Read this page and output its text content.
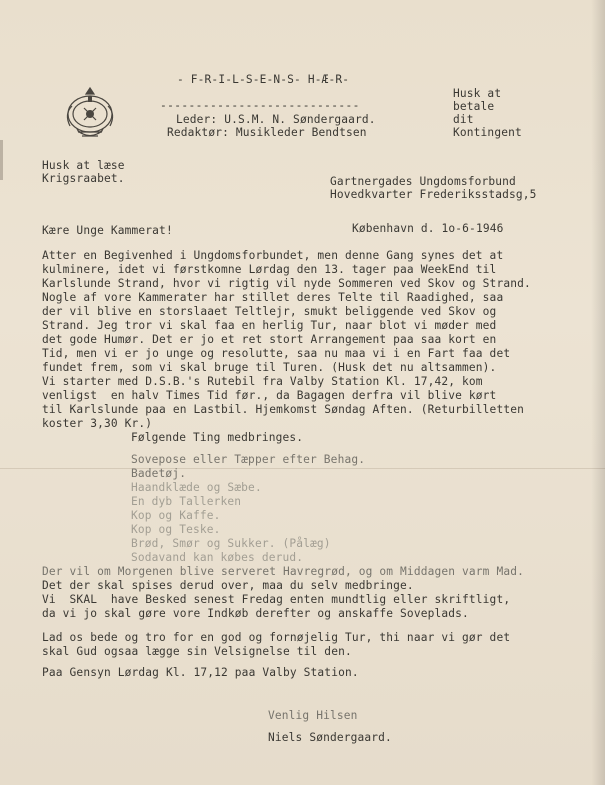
- F-R-I-L-S-E-N-S- H-Æ-R-
----------------------------
Leder: U.S.M. N. Søndergaard.
Redaktør: Musikleder Bendtsen
Husk at
betale
dit
Kontingent
Husk at læse
Krigsraabet.	Gartnergades Ungdomsforbund
Hovedkvarter Frederiksstadsg,5
Kære Unge Kammerat!	København d. 1o-6-1946
Atter en Begivenhed i Ungdomsforbundet, men denne Gang synes det at
kulminere, idet vi førstkomne Lørdag den 13. tager paa WeekEnd til
Karlslunde Strand, hvor vi rigtig vil nyde Sommeren ved Skov og Strand.
Nogle af vore Kammerater har stillet deres Telte til Raadighed, saa
der vil blive en storslaaet Teltlejr, smukt beliggende ved Skov og
Strand. Jeg tror vi skal faa en herlig Tur, naar blot vi møder med
det gode Humør. Det er jo et ret stort Arrangement paa saa kort en
Tid, men vi er jo unge og resolutte, saa nu maa vi i en Fart faa det
fundet frem, som vi skal bruge til Turen. (Husk det nu altsammen).
Vi starter med D.S.B.'s Rutebil fra Valby Station Kl. 17,42, kom
venligst  en halv Times Tid før., da Bagagen derfra vil blive kørt
til Karlslunde paa en Lastbil. Hjemkomst Søndag Aften. (Returbilletten
koster 3,30 Kr.)
Følgende Ting medbringes.
Sovepose eller Tæpper efter Behag.
Badetøj.
Haandklæde og Sæbe.
En dyb Tallerken
Kop og Kaffe.
Kop og Teske.
Brød, Smør og Sukker. (Pålæg)
Sodavand kan købes derud.
Der vil om Morgenen blive serveret Havregrød, og om Middagen varm Mad.
Det der skal spises derud over, maa du selv medbringe.
Vi  SKAL  have Besked senest Fredag enten mundtlig eller skriftligt,
da vi jo skal gøre vore Indkøb derefter og anskaffe Soveplads.
Lad os bede og tro for en god og fornøjelig Tur, thi naar vi gør det
skal Gud ogsaa lægge sin Velsignelse til den.
Paa Gensyn Lørdag Kl. 17,12 paa Valby Station.
Venlig Hilsen
Niels Søndergaard.
